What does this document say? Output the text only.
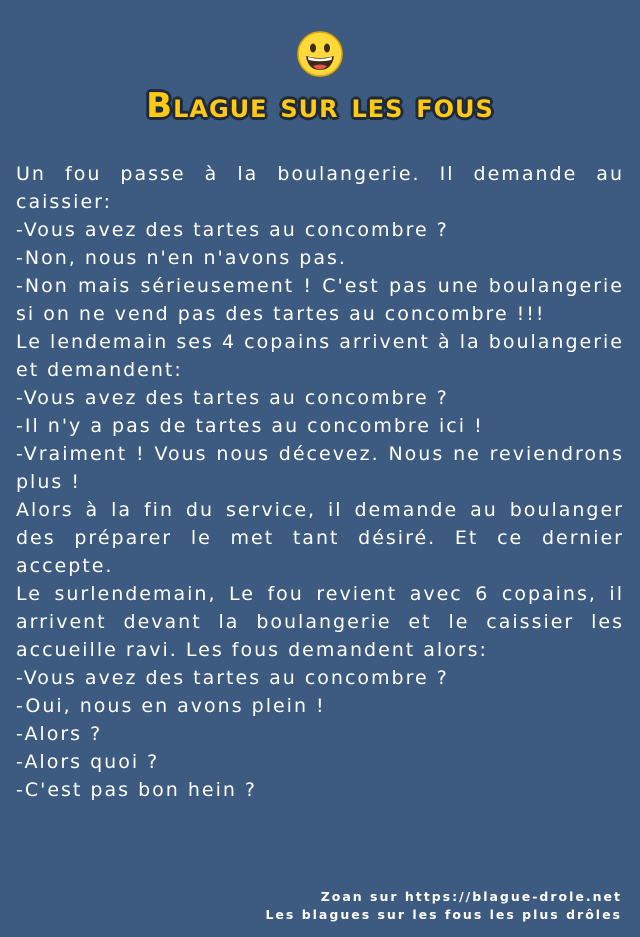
Blague sur les fous

Un fou passe à la boulangerie. Il demande au caissier:

-Vous avez des tartes au concombre ?

-Non, nous n'en n'avons pas.

-Non mais sérieusement ! C'est pas une boulangerie si on ne vend pas des tartes au concombre !!!

Le lendemain ses 4 copains arrivent à la boulangerie et demandent:

-Vous avez des tartes au concombre ?

-Il n'y a pas de tartes au concombre ici !

-Vraiment ! Vous nous décevez. Nous ne reviendrons plus !

Alors à la fin du service, il demande au boulanger des préparer le met tant désiré. Et ce dernier accepte.

Le surlendemain, Le fou revient avec 6 copains, il arrivent devant la boulangerie et le caissier les accueille ravi. Les fous demandent alors:

-Vous avez des tartes au concombre ?

-Oui, nous en avons plein !

-Alors ?

-Alors quoi ?

-C'est pas bon hein ?

Zoan sur https://blague-drole.net
Les blagues sur les fous les plus drôles
